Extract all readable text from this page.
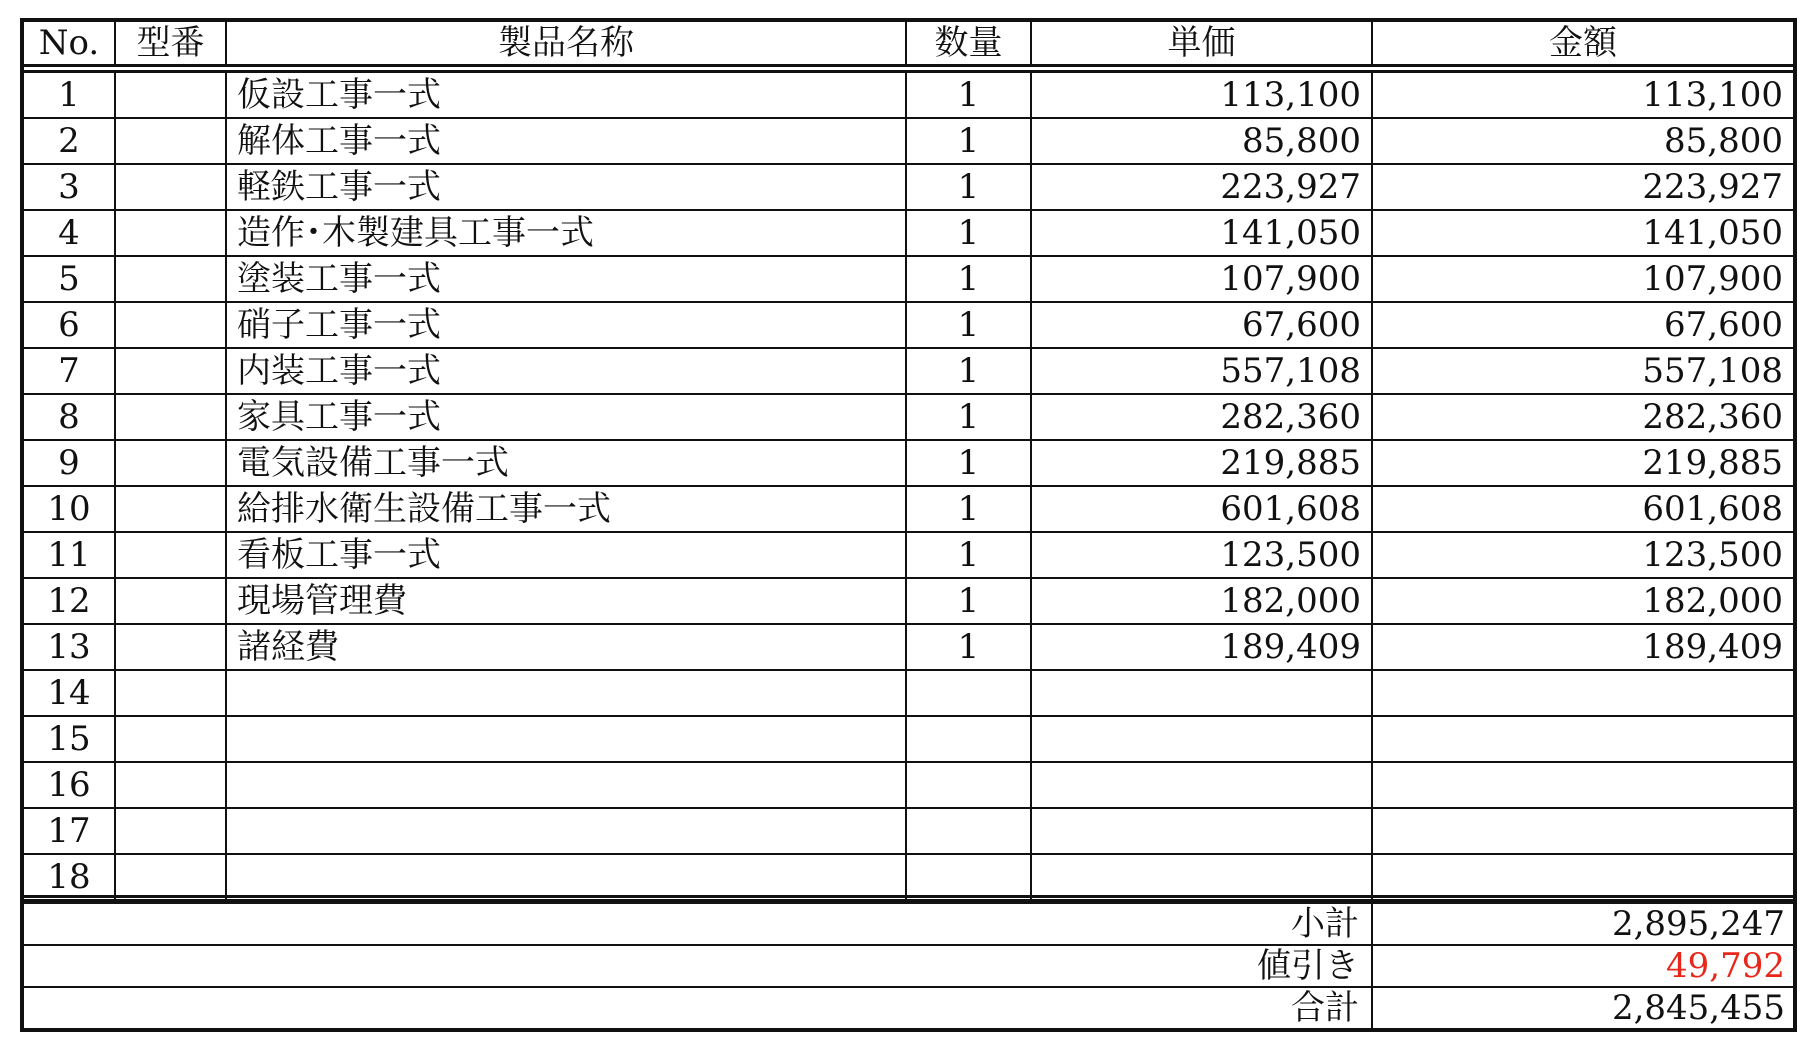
No.	型番	製品名称	数量	単価	金額
1		仮設工事一式	1	113,100	113,100
2		解体工事一式	1	85,800	85,800
3		軽鉄工事一式	1	223,927	223,927
4		造作･木製建具工事一式	1	141,050	141,050
5		塗装工事一式	1	107,900	107,900
6		硝子工事一式	1	67,600	67,600
7		内装工事一式	1	557,108	557,108
8		家具工事一式	1	282,360	282,360
9		電気設備工事一式	1	219,885	219,885
10		給排水衛生設備工事一式	1	601,608	601,608
11		看板工事一式	1	123,500	123,500
12		現場管理費	1	182,000	182,000
13		諸経費	1	189,409	189,409
14					
15					
16					
17					
18					
小計	2,895,247
値引き	49,792
合計	2,845,455
